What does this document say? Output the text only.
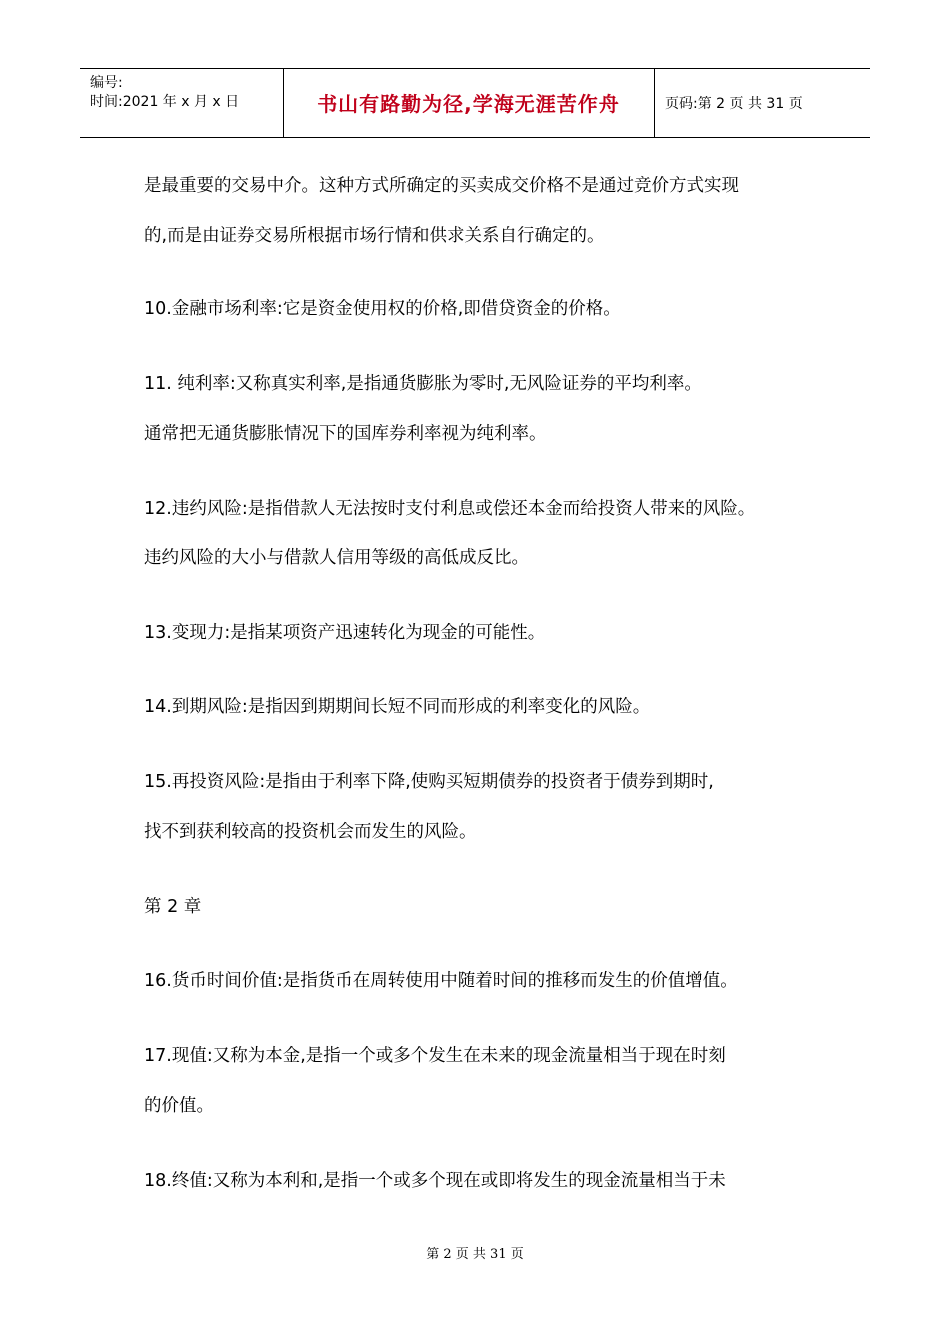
编号:
时间:2021 年 x 月 x 日	书山有路勤为径,学海无涯苦作舟	页码:第 2 页 共 31 页
是最重要的交易中介。这种方式所确定的买卖成交价格不是通过竞价方式实现
的,而是由证券交易所根据市场行情和供求关系自行确定的。
10.金融市场利率:它是资金使用权的价格,即借贷资金的价格。
11. 纯利率:又称真实利率,是指通货膨胀为零时,无风险证券的平均利率。
通常把无通货膨胀情况下的国库券利率视为纯利率。
12.违约风险:是指借款人无法按时支付利息或偿还本金而给投资人带来的风险。
违约风险的大小与借款人信用等级的高低成反比。
13.变现力:是指某项资产迅速转化为现金的可能性。
14.到期风险:是指因到期期间长短不同而形成的利率变化的风险。
15.再投资风险:是指由于利率下降,使购买短期债券的投资者于债券到期时,
找不到获利较高的投资机会而发生的风险。
第 2 章
16.货币时间价值:是指货币在周转使用中随着时间的推移而发生的价值增值。
17.现值:又称为本金,是指一个或多个发生在未来的现金流量相当于现在时刻
的价值。
18.终值:又称为本利和,是指一个或多个现在或即将发生的现金流量相当于未
第 2 页 共 31 页
